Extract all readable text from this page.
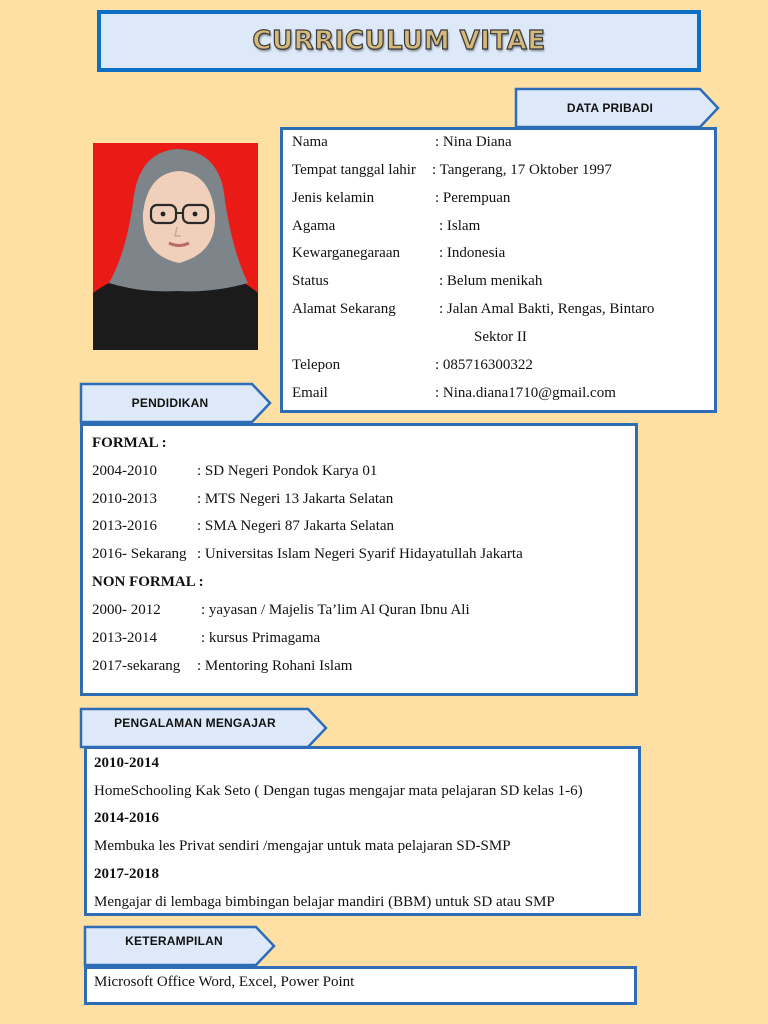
CURRICULUM VITAE
DATA PRIBADI
Nama	: Nina Diana
Tempat tanggal lahir : Tangerang, 17 Oktober 1997
Jenis kelamin	: Perempuan
Agama	: Islam
Kewarganegaraan	: Indonesia
Status	: Belum menikah
Alamat Sekarang	: Jalan Amal Bakti, Rengas, Bintaro
Sektor II
Telepon	: 085716300322
Email	: Nina.diana1710@gmail.com
PENDIDIKAN
FORMAL :
2004-2010	: SD Negeri Pondok Karya 01
2010-2013	: MTS Negeri 13 Jakarta Selatan
2013-2016	: SMA Negeri 87 Jakarta Selatan
2016- Sekarang : Universitas Islam Negeri Syarif Hidayatullah Jakarta
NON FORMAL :
2000- 2012	: yayasan / Majelis Ta’lim Al Quran Ibnu Ali
2013-2014	: kursus Primagama
2017-sekarang : Mentoring Rohani Islam
PENGALAMAN MENGAJAR
2010-2014
HomeSchooling Kak Seto ( Dengan tugas mengajar mata pelajaran SD kelas 1-6)
2014-2016
Membuka les Privat sendiri /mengajar untuk mata pelajaran SD-SMP
2017-2018
Mengajar di lembaga bimbingan belajar mandiri (BBM) untuk SD atau SMP
KETERAMPILAN
Microsoft Office Word, Excel, Power Point
